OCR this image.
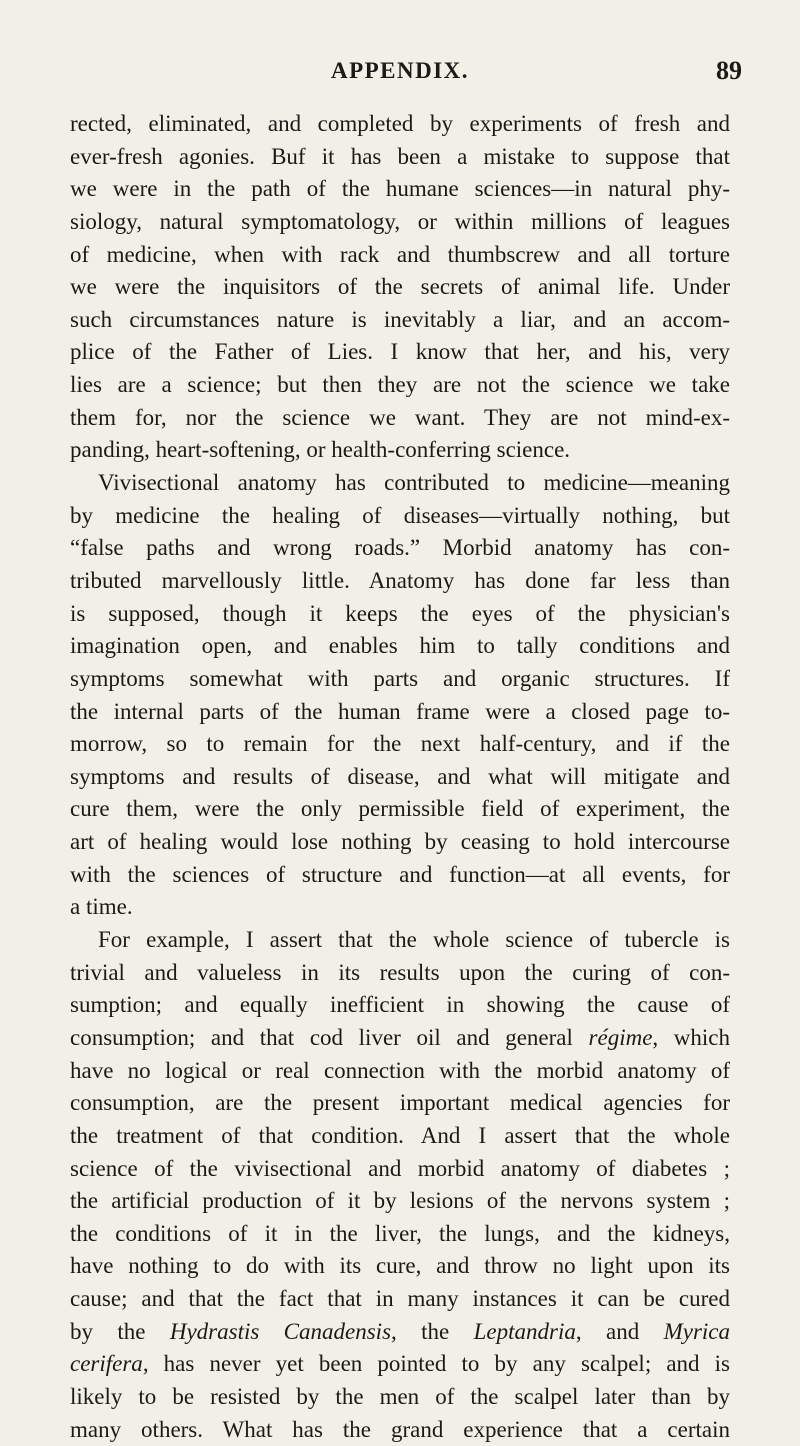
APPENDIX.	89
rected, eliminated, and completed by experiments of fresh and
ever-fresh agonies. Buf it has been a mistake to suppose that
we were in the path of the humane sciences—in natural phy-
siology, natural symptomatology, or within millions of leagues
of medicine, when with rack and thumbscrew and all torture
we were the inquisitors of the secrets of animal life. Under
such circumstances nature is inevitably a liar, and an accom-
plice of the Father of Lies. I know that her, and his, very
lies are a science; but then they are not the science we take
them for, nor the science we want. They are not mind-ex-
panding, heart-softening, or health-conferring science.
Vivisectional anatomy has contributed to medicine—meaning
by medicine the healing of diseases—virtually nothing, but
“false paths and wrong roads.” Morbid anatomy has con-
tributed marvellously little. Anatomy has done far less than
is supposed, though it keeps the eyes of the physician's
imagination open, and enables him to tally conditions and
symptoms somewhat with parts and organic structures. If
the internal parts of the human frame were a closed page to-
morrow, so to remain for the next half-century, and if the
symptoms and results of disease, and what will mitigate and
cure them, were the only permissible field of experiment, the
art of healing would lose nothing by ceasing to hold intercourse
with the sciences of structure and function—at all events, for
a time.
For example, I assert that the whole science of tubercle is
trivial and valueless in its results upon the curing of con-
sumption; and equally inefficient in showing the cause of
consumption; and that cod liver oil and general régime, which
have no logical or real connection with the morbid anatomy of
consumption, are the present important medical agencies for
the treatment of that condition. And I assert that the whole
science of the vivisectional and morbid anatomy of diabetes ;
the artificial production of it by lesions of the nervons system ;
the conditions of it in the liver, the lungs, and the kidneys,
have nothing to do with its cure, and throw no light upon its
cause; and that the fact that in many instances it can be cured
by the Hydrastis Canadensis, the Leptandria, and Myrica
cerifera, has never yet been pointed to by any scalpel; and is
likely to be resisted by the men of the scalpel later than by
many others. What has the grand experience that a certain
